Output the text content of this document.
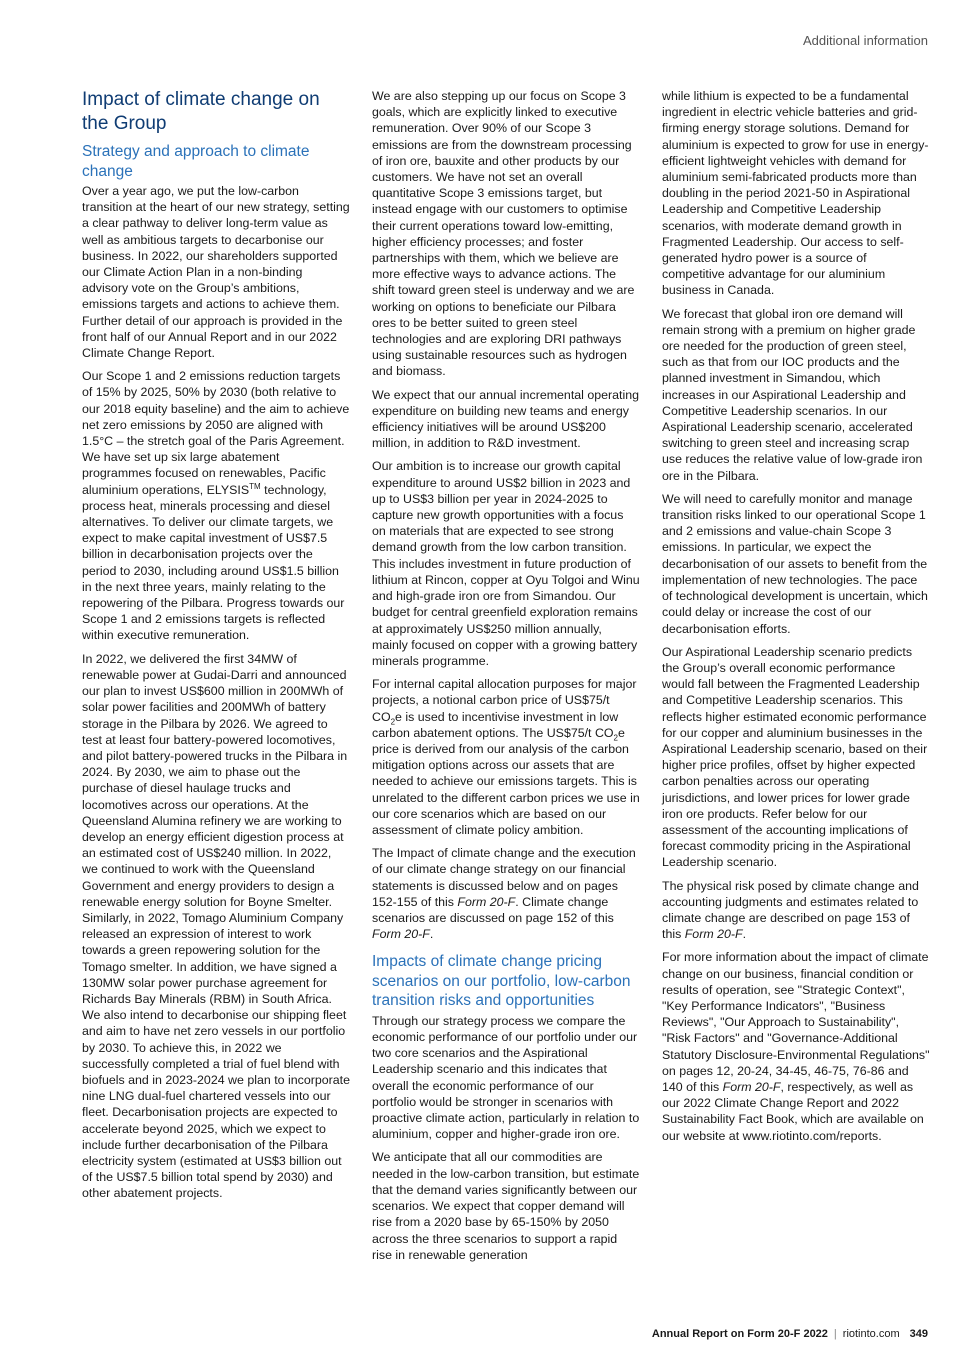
Additional information
Impact of climate change on the Group
Strategy and approach to climate change

Over a year ago, we put the low-carbon transition at the heart of our new strategy, setting a clear pathway to deliver long-term value as well as ambitious targets to decarbonise our business. In 2022, our shareholders supported our Climate Action Plan in a non-binding advisory vote on the Group’s ambitions, emissions targets and actions to achieve them. Further detail of our approach is provided in the front half of our Annual Report and in our 2022 Climate Change Report.

Our Scope 1 and 2 emissions reduction targets of 15% by 2025, 50% by 2030 (both relative to our 2018 equity baseline) and the aim to achieve net zero emissions by 2050 are aligned with 1.5°C – the stretch goal of the Paris Agreement. We have set up six large abatement programmes focused on renewables, Pacific aluminium operations, ELYSIS™ technology, process heat, minerals processing and diesel alternatives. To deliver our climate targets, we expect to make capital investment of US$7.5 billion in decarbonisation projects over the period to 2030, including around US$1.5 billion in the next three years, mainly relating to the repowering of the Pilbara. Progress towards our Scope 1 and 2 emissions targets is reflected within executive remuneration.

In 2022, we delivered the first 34MW of renewable power at Gudai-Darri and announced our plan to invest US$600 million in 200MWh of solar power facilities and 200MWh of battery storage in the Pilbara by 2026. We agreed to test at least four battery-powered locomotives, and pilot battery-powered trucks in the Pilbara in 2024. By 2030, we aim to phase out the purchase of diesel haulage trucks and locomotives across our operations. At the Queensland Alumina refinery we are working to develop an energy efficient digestion process at an estimated cost of US$240 million. In 2022, we continued to work with the Queensland Government and energy providers to design a renewable energy solution for Boyne Smelter. Similarly, in 2022, Tomago Aluminium Company released an expression of interest to work towards a green repowering solution for the Tomago smelter. In addition, we have signed a 130MW solar power purchase agreement for Richards Bay Minerals (RBM) in South Africa. We also intend to decarbonise our shipping fleet and aim to have net zero vessels in our portfolio by 2030. To achieve this, in 2022 we successfully completed a trial of fuel blend with biofuels and in 2023-2024 we plan to incorporate nine LNG dual-fuel chartered vessels into our fleet. Decarbonisation projects are expected to accelerate beyond 2025, which we expect to include further decarbonisation of the Pilbara electricity system (estimated at US$3 billion out of the US$7.5 billion total spend by 2030) and other abatement projects.

We are also stepping up our focus on Scope 3 goals, which are explicitly linked to executive remuneration. Over 90% of our Scope 3 emissions are from the downstream processing of iron ore, bauxite and other products by our customers. We have not set an overall quantitative Scope 3 emissions target, but instead engage with our customers to optimise their current operations toward low-emitting, higher efficiency processes; and foster partnerships with them, which we believe are more effective ways to advance actions. The shift toward green steel is underway and we are working on options to beneficiate our Pilbara ores to be better suited to green steel technologies and are exploring DRI pathways using sustainable resources such as hydrogen and biomass.

We expect that our annual incremental operating expenditure on building new teams and energy efficiency initiatives will be around US$200 million, in addition to R&D investment.

Our ambition is to increase our growth capital expenditure to around US$2 billion in 2023 and up to US$3 billion per year in 2024-2025 to capture new growth opportunities with a focus on materials that are expected to see strong demand growth from the low carbon transition. This includes investment in future production of lithium at Rincon, copper at Oyu Tolgoi and Winu and high-grade iron ore from Simandou. Our budget for central greenfield exploration remains at approximately US$250 million annually, mainly focused on copper with a growing battery minerals programme.

For internal capital allocation purposes for major projects, a notional carbon price of US$75/t $CO_2e$ is used to incentivise investment in low carbon abatement options. The US$75/t $CO_2e$ price is derived from our analysis of the carbon mitigation options across our assets that are needed to achieve our emissions targets. This is unrelated to the different carbon prices we use in our core scenarios which are based on our assessment of climate policy ambition.

The Impact of climate change and the execution of our climate change strategy on our financial statements is discussed below and on pages 152-155 of this Form 20-F. Climate change scenarios are discussed on page 152 of this Form 20-F.

Impacts of climate change pricing scenarios on our portfolio, low-carbon transition risks and opportunities

Through our strategy process we compare the economic performance of our portfolio under our two core scenarios and the Aspirational Leadership scenario and this indicates that overall the economic performance of our portfolio would be stronger in scenarios with proactive climate action, particularly in relation to aluminium, copper and higher-grade iron ore.

We anticipate that all our commodities are needed in the low-carbon transition, but estimate that the demand varies significantly between our scenarios. We expect that copper demand will rise from a 2020 base by 65-150% by 2050 across the three scenarios to support a rapid rise in renewable generation

while lithium is expected to be a fundamental ingredient in electric vehicle batteries and grid-firming energy storage solutions. Demand for aluminium is expected to grow for use in energy-efficient lightweight vehicles with demand for aluminium semi-fabricated products more than doubling in the period 2021-50 in Aspirational Leadership and Competitive Leadership scenarios, with moderate demand growth in Fragmented Leadership. Our access to self-generated hydro power is a source of competitive advantage for our aluminium business in Canada.

We forecast that global iron ore demand will remain strong with a premium on higher grade ore needed for the production of green steel, such as that from our IOC products and the planned investment in Simandou, which increases in our Aspirational Leadership and Competitive Leadership scenarios. In our Aspirational Leadership scenario, accelerated switching to green steel and increasing scrap use reduces the relative value of low-grade iron ore in the Pilbara.

We will need to carefully monitor and manage transition risks linked to our operational Scope 1 and 2 emissions and value-chain Scope 3 emissions. In particular, we expect the decarbonisation of our assets to benefit from the implementation of new technologies. The pace of technological development is uncertain, which could delay or increase the cost of our decarbonisation efforts.

Our Aspirational Leadership scenario predicts the Group’s overall economic performance would fall between the Fragmented Leadership and Competitive Leadership scenarios. This reflects higher estimated economic performance for our copper and aluminium businesses in the Aspirational Leadership scenario, based on their higher price profiles, offset by higher expected carbon penalties across our operating jurisdictions, and lower prices for lower grade iron ore products. Refer below for our assessment of the accounting implications of forecast commodity pricing in the Aspirational Leadership scenario.

The physical risk posed by climate change and accounting judgments and estimates related to climate change are described on page 153 of this Form 20-F.

For more information about the impact of climate change on our business, financial condition or results of operation, see "Strategic Context", "Key Performance Indicators", "Business Reviews", "Our Approach to Sustainability", "Risk Factors" and "Governance-Additional Statutory Disclosure-Environmental Regulations" on pages 12, 20-24, 34-45, 46-75, 76-86 and 140 of this Form 20-F, respectively, as well as our 2022 Climate Change Report and 2022 Sustainability Fact Book, which are available on our website at www.riotinto.com/reports.

Annual Report on Form 20-F 2022 | riotinto.com 349
